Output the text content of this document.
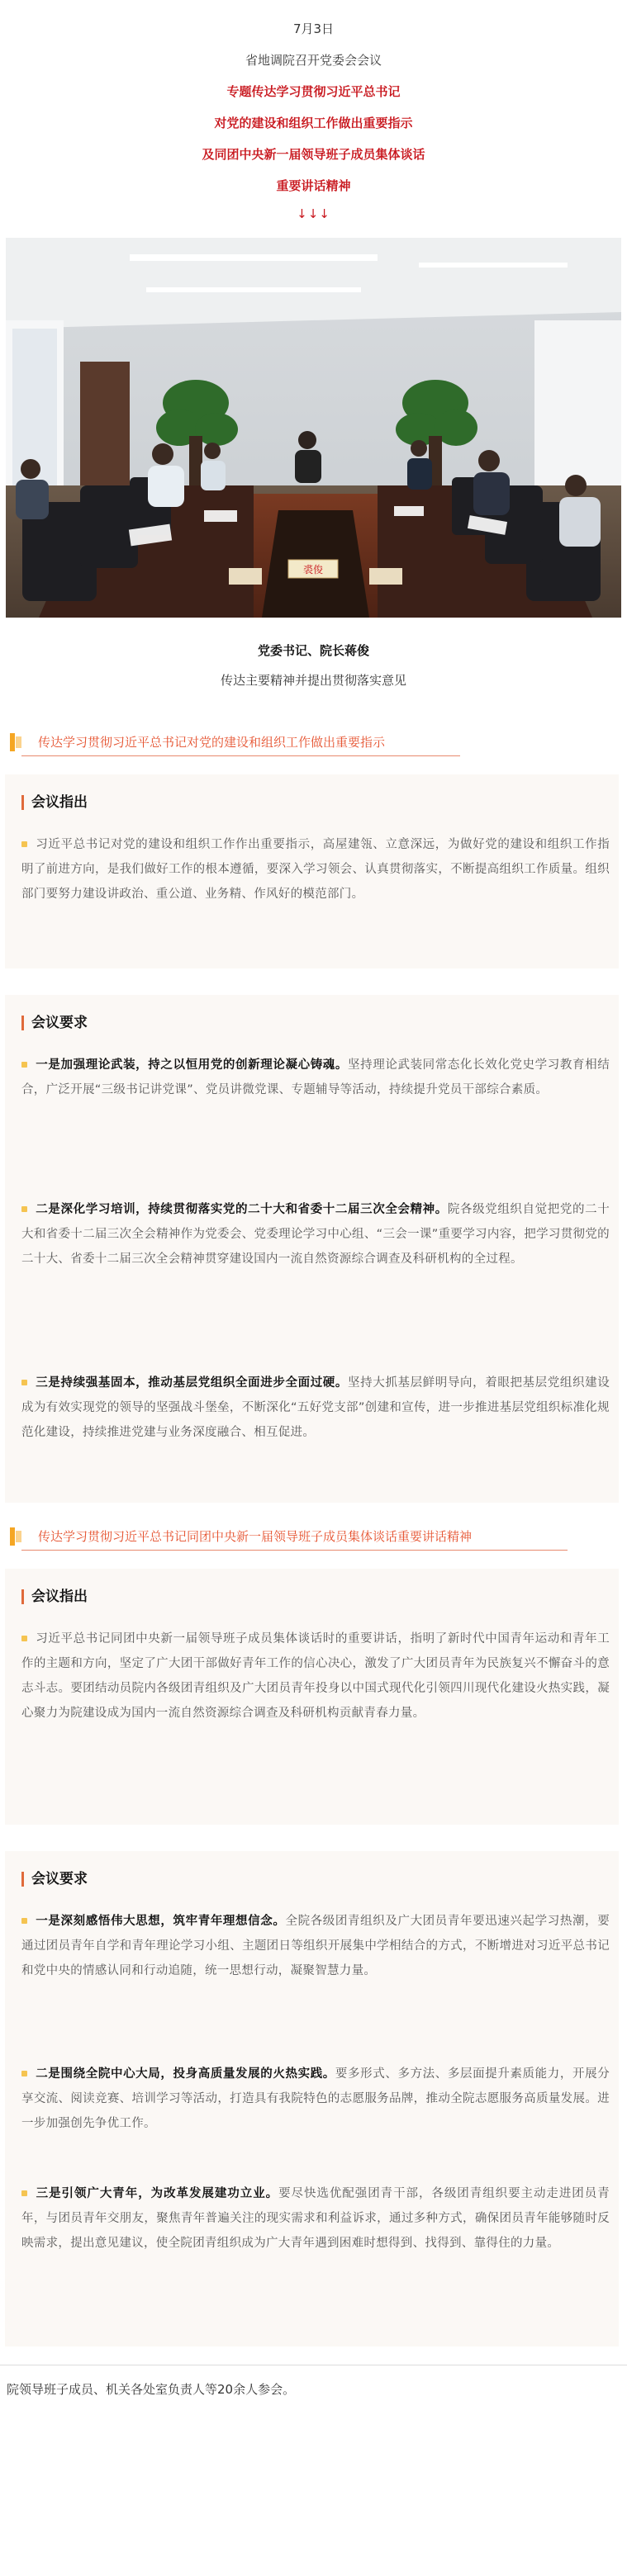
7月3日
省地调院召开党委会会议
专题传达学习贯彻习近平总书记
对党的建设和组织工作做出重要指示
及同团中央新一届领导班子成员集体谈话
重要讲话精神
↓↓↓
裘俊
党委书记、院长蒋俊
传达主要精神并提出贯彻落实意见
传达学习贯彻习近平总书记对党的建设和组织工作做出重要指示
会议指出
习近平总书记对党的建设和组织工作作出重要指示，高屋建瓴、立意深远，为做好党的建设和组织工作指明了前进方向，是我们做好工作的根本遵循，要深入学习领会、认真贯彻落实，不断提高组织工作质量。组织部门要努力建设讲政治、重公道、业务精、作风好的模范部门。
会议要求
一是加强理论武装，持之以恒用党的创新理论凝心铸魂。坚持理论武装同常态化长效化党史学习教育相结合，广泛开展“三级书记讲党课”、党员讲微党课、专题辅导等活动，持续提升党员干部综合素质。
二是深化学习培训，持续贯彻落实党的二十大和省委十二届三次全会精神。院各级党组织自觉把党的二十大和省委十二届三次全会精神作为党委会、党委理论学习中心组、“三会一课”重要学习内容，把学习贯彻党的二十大、省委十二届三次全会精神贯穿建设国内一流自然资源综合调查及科研机构的全过程。
三是持续强基固本，推动基层党组织全面进步全面过硬。坚持大抓基层鲜明导向，着眼把基层党组织建设成为有效实现党的领导的坚强战斗堡垒，不断深化“五好党支部”创建和宣传，进一步推进基层党组织标准化规范化建设，持续推进党建与业务深度融合、相互促进。
传达学习贯彻习近平总书记同团中央新一届领导班子成员集体谈话重要讲话精神
会议指出
习近平总书记同团中央新一届领导班子成员集体谈话时的重要讲话，指明了新时代中国青年运动和青年工作的主题和方向，坚定了广大团干部做好青年工作的信心决心，激发了广大团员青年为民族复兴不懈奋斗的意志斗志。要团结动员院内各级团青组织及广大团员青年投身以中国式现代化引领四川现代化建设火热实践，凝心聚力为院建设成为国内一流自然资源综合调查及科研机构贡献青春力量。
会议要求
一是深刻感悟伟大思想，筑牢青年理想信念。全院各级团青组织及广大团员青年要迅速兴起学习热潮，要通过团员青年自学和青年理论学习小组、主题团日等组织开展集中学相结合的方式，不断增进对习近平总书记和党中央的情感认同和行动追随，统一思想行动，凝聚智慧力量。
二是围绕全院中心大局，投身高质量发展的火热实践。要多形式、多方法、多层面提升素质能力，开展分享交流、阅读竞赛、培训学习等活动，打造具有我院特色的志愿服务品牌，推动全院志愿服务高质量发展。进一步加强创先争优工作。
三是引领广大青年，为改革发展建功立业。要尽快选优配强团青干部，各级团青组织要主动走进团员青年，与团员青年交朋友，聚焦青年普遍关注的现实需求和利益诉求，通过多种方式，确保团员青年能够随时反映需求，提出意见建议，使全院团青组织成为广大青年遇到困难时想得到、找得到、靠得住的力量。
院领导班子成员、机关各处室负责人等20余人参会。
